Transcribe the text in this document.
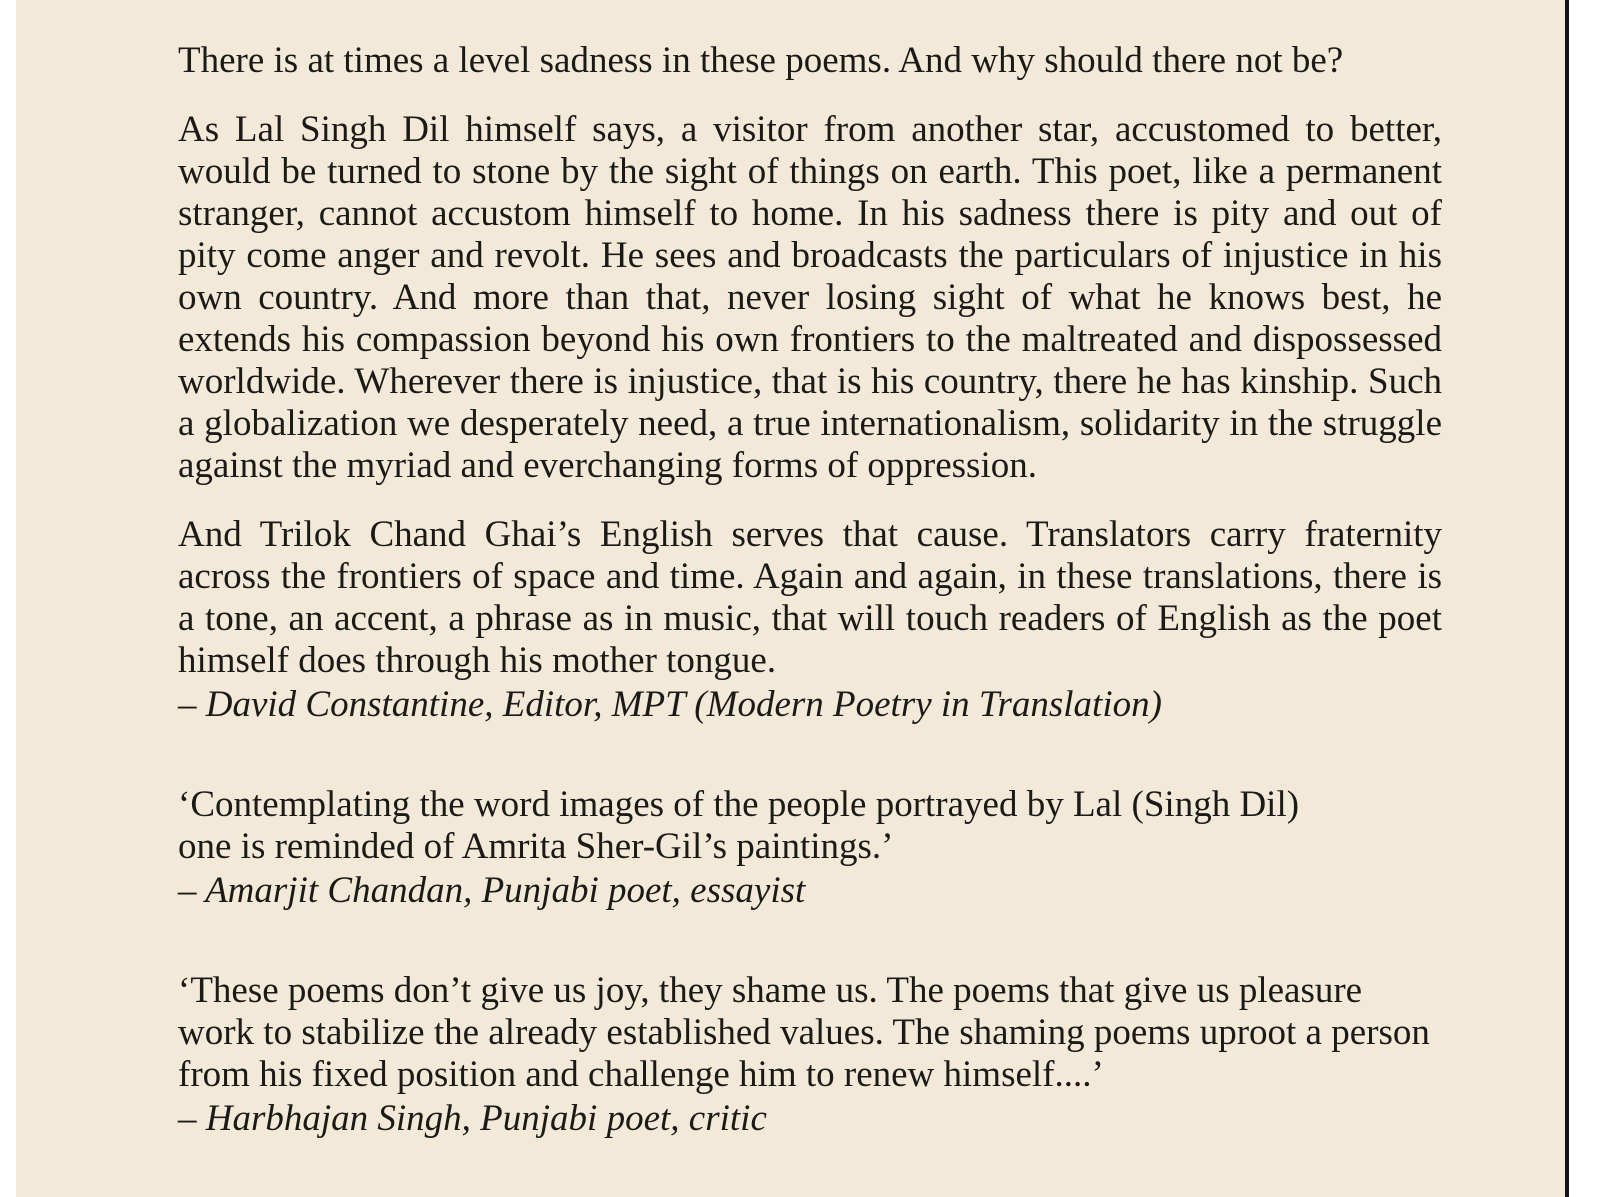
There is at times a level sadness in these poems. And why should there not be?

As Lal Singh Dil himself says, a visitor from another star, accustomed to better, would be turned to stone by the sight of things on earth. This poet, like a permanent stranger, cannot accustom himself to home. In his sadness there is pity and out of pity come anger and revolt. He sees and broadcasts the particulars of injustice in his own country. And more than that, never losing sight of what he knows best, he extends his compassion beyond his own frontiers to the maltreated and dispossessed worldwide. Wherever there is injustice, that is his country, there he has kinship. Such a globalization we desperately need, a true internationalism, solidarity in the struggle against the myriad and everchanging forms of oppression.

And Trilok Chand Ghai’s English serves that cause. Translators carry fraternity across the frontiers of space and time. Again and again, in these translations, there is a tone, an accent, a phrase as in music, that will touch readers of English as the poet himself does through his mother tongue.

– David Constantine, Editor, MPT (Modern Poetry in Translation)

‘Contemplating the word images of the people portrayed by Lal (Singh Dil)
one is reminded of Amrita Sher-Gil’s paintings.’

– Amarjit Chandan, Punjabi poet, essayist

‘These poems don’t give us joy, they shame us. The poems that give us pleasure
work to stabilize the already established values. The shaming poems uproot a person
from his fixed position and challenge him to renew himself....’

– Harbhajan Singh, Punjabi poet, critic
